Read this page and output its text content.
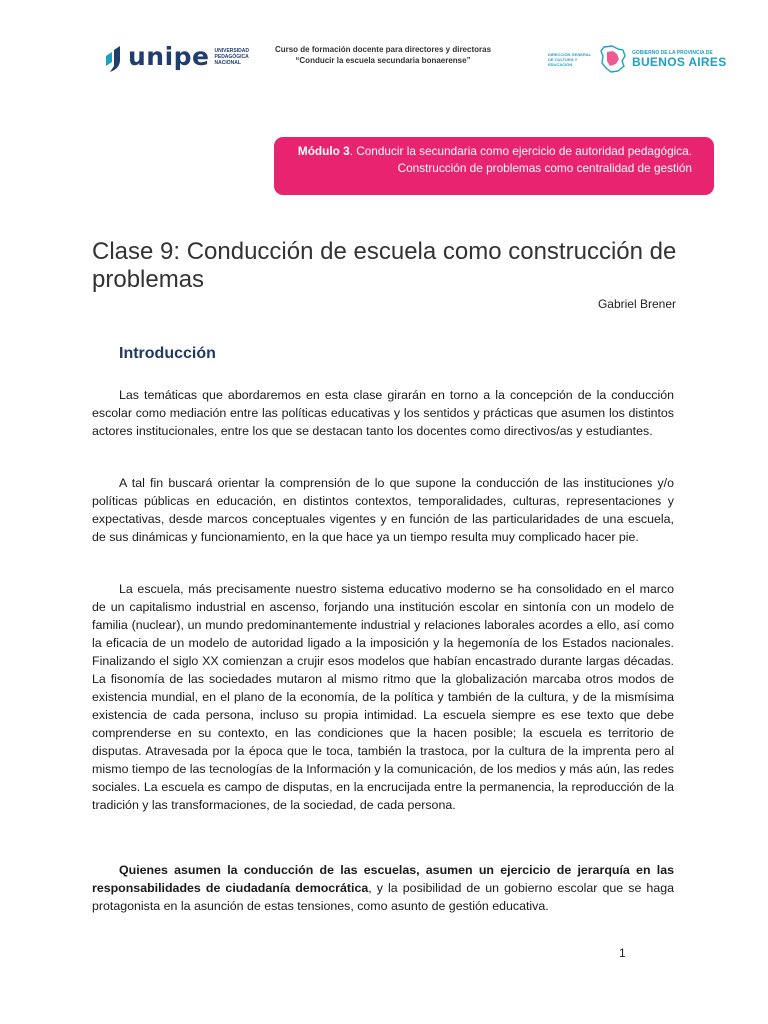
unipe UNIVERSIDAD PEDAGÓGICA NACIONAL
Curso de formación docente para directores y directoras
“Conducir la escuela secundaria bonaerense”
DIRECCIÓN GENERAL DE CULTURA Y EDUCACIÓN
GOBIERNO DE LA PROVINCIA DE
BUENOS AIRES
Módulo 3. Conducir la secundaria como ejercicio de autoridad pedagógica. Construcción de problemas como centralidad de gestión
Clase 9: Conducción de escuela como construcción de problemas
Gabriel Brener
Introducción

Las temáticas que abordaremos en esta clase girarán en torno a la concepción de la conducción escolar como mediación entre las políticas educativas y los sentidos y prácticas que asumen los distintos actores institucionales, entre los que se destacan tanto los docentes como directivos/as y estudiantes.

A tal fin buscará orientar la comprensión de lo que supone la conducción de las instituciones y/o políticas públicas en educación, en distintos contextos, temporalidades, culturas, representaciones y expectativas, desde marcos conceptuales vigentes y en función de las particularidades de una escuela, de sus dinámicas y funcionamiento, en la que hace ya un tiempo resulta muy complicado hacer pie.

La escuela, más precisamente nuestro sistema educativo moderno se ha consolidado en el marco de un capitalismo industrial en ascenso, forjando una institución escolar en sintonía con un modelo de familia (nuclear), un mundo predominantemente industrial y relaciones laborales acordes a ello, así como la eficacia de un modelo de autoridad ligado a la imposición y la hegemonía de los Estados nacionales. Finalizando el siglo XX comienzan a crujir esos modelos que habían encastrado durante largas décadas. La fisonomía de las sociedades mutaron al mismo ritmo que la globalización marcaba otros modos de existencia mundial, en el plano de la economía, de la política y también de la cultura, y de la mismísima existencia de cada persona, incluso su propia intimidad. La escuela siempre es ese texto que debe comprenderse en su contexto, en las condiciones que la hacen posible; la escuela es territorio de disputas. Atravesada por la época que le toca, también la trastoca, por la cultura de la imprenta pero al mismo tiempo de las tecnologías de la Información y la comunicación, de los medios y más aún, las redes sociales. La escuela es campo de disputas, en la encrucijada entre la permanencia, la reproducción de la tradición y las transformaciones, de la sociedad, de cada persona.

Quienes asumen la conducción de las escuelas, asumen un ejercicio de jerarquía en las responsabilidades de ciudadanía democrática, y la posibilidad de un gobierno escolar que se haga protagonista en la asunción de estas tensiones, como asunto de gestión educativa.

1
